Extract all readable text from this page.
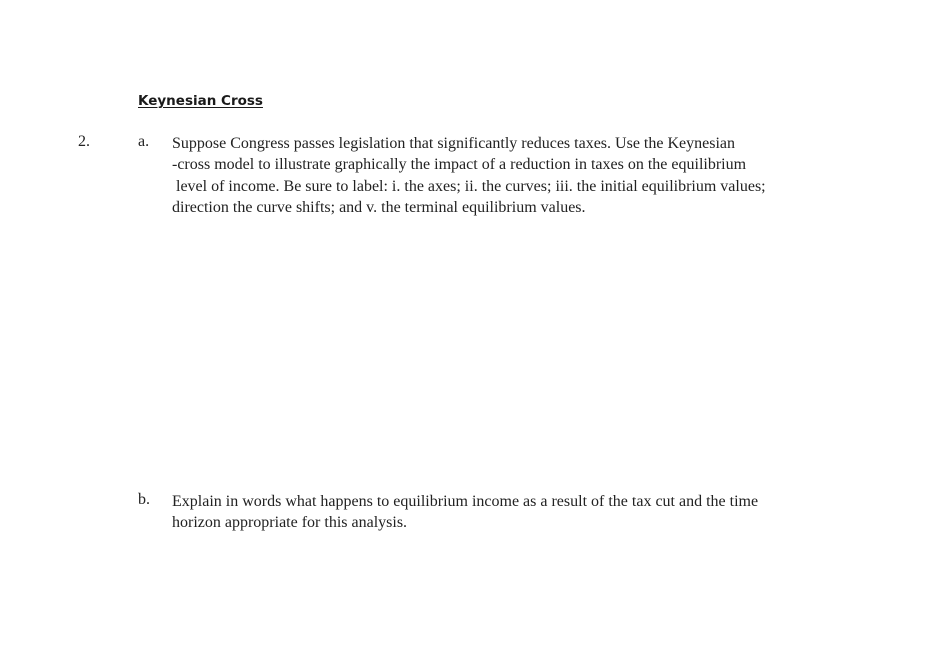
Keynesian Cross
2.	a. Suppose Congress passes legislation that significantly reduces taxes. Use the Keynesian
-cross model to illustrate graphically the impact of a reduction in taxes on the equilibrium
level of income. Be sure to label: i. the axes; ii. the curves; iii. the initial equilibrium values;
direction the curve shifts; and v. the terminal equilibrium values.
b. Explain in words what happens to equilibrium income as a result of the tax cut and the time
horizon appropriate for this analysis.
